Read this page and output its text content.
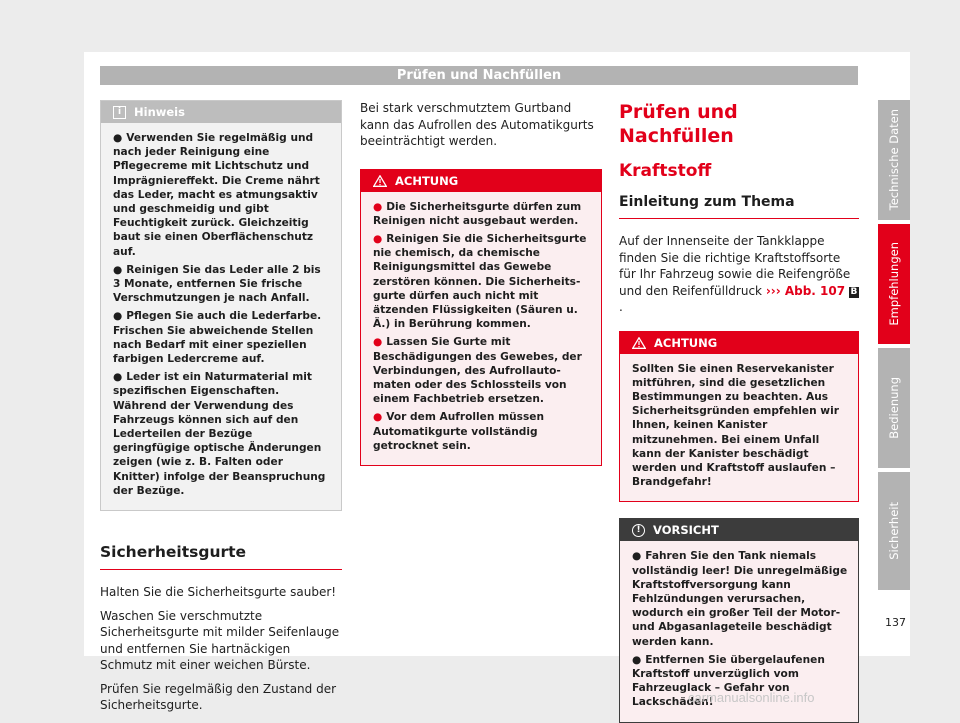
Prüfen und Nachfüllen
i	Hinweis

● Verwenden Sie regelmäßig und nach jeder Reinigung eine Pflegecreme mit Lichtschutz und Imprägniereffekt. Die Creme nährt das Leder, macht es atmungsaktiv und geschmeidig und gibt Feuchtigkeit zurück. Gleichzeitig baut sie einen Oberflächenschutz auf.

● Reinigen Sie das Leder alle 2 bis 3 Monate, entfernen Sie frische Verschmutzungen je nach Anfall.

● Pflegen Sie auch die Lederfarbe. Frischen Sie abweichende Stellen nach Bedarf mit einer speziellen farbigen Ledercreme auf.

● Leder ist ein Naturmaterial mit spezifischen Eigenschaften. Während der Verwendung des Fahrzeugs können sich auf den Lederteilen der Bezüge geringfügige optische Änderungen zeigen (wie z. B. Falten oder Knitter) infolge der Beanspruchung der Bezüge.

Sicherheitsgurte

Halten Sie die Sicherheitsgurte sauber!

Waschen Sie verschmutzte Sicherheitsgurte mit milder Seifenlauge und entfernen Sie hartnäckigen Schmutz mit einer weichen Bürste.

Prüfen Sie regelmäßig den Zustand der Sicherheitsgurte.

Bei stark verschmutztem Gurtband kann das Aufrollen des Automatikgurts beeinträchtigt werden.

ACHTUNG

● Die Sicherheitsgurte dürfen zum Reinigen nicht ausgebaut werden.

● Reinigen Sie die Sicherheitsgurte nie chemisch, da chemische Reinigungsmittel das Gewebe zerstören können. Die Sicherheitsgurte dürfen auch nicht mit ätzenden Flüssigkeiten (Säuren u. Ä.) in Berührung kommen.

● Lassen Sie Gurte mit Beschädigungen des Gewebes, der Verbindungen, des Aufrollautomaten oder des Schlossteils von einem Fachbetrieb ersetzen.

● Vor dem Aufrollen müssen Automatikgurte vollständig getrocknet sein.

Prüfen und Nachfüllen
Kraftstoff
Einleitung zum Thema

Auf der Innenseite der Tankklappe finden Sie die richtige Kraftstoffsorte für Ihr Fahrzeug sowie die Reifengröße und den Reifenfülldruck ››› Abb. 107 B.

ACHTUNG

Sollten Sie einen Reservekanister mitführen, sind die gesetzlichen Bestimmungen zu beachten. Aus Sicherheitsgründen empfehlen wir Ihnen, keinen Kanister mitzunehmen. Bei einem Unfall kann der Kanister beschädigt werden und Kraftstoff auslaufen – Brandgefahr!

!	VORSICHT

● Fahren Sie den Tank niemals vollständig leer! Die unregelmäßige Kraftstoffversorgung kann Fehlzündungen verursachen, wodurch ein großer Teil der Motor- und Abgasanlageteile beschädigt werden kann.

● Entfernen Sie übergelaufenen Kraftstoff unverzüglich vom Fahrzeuglack – Gefahr von Lackschäden!

Technische Daten
Empfehlungen
Bedienung
Sicherheit
137
carmanualsonline.info
